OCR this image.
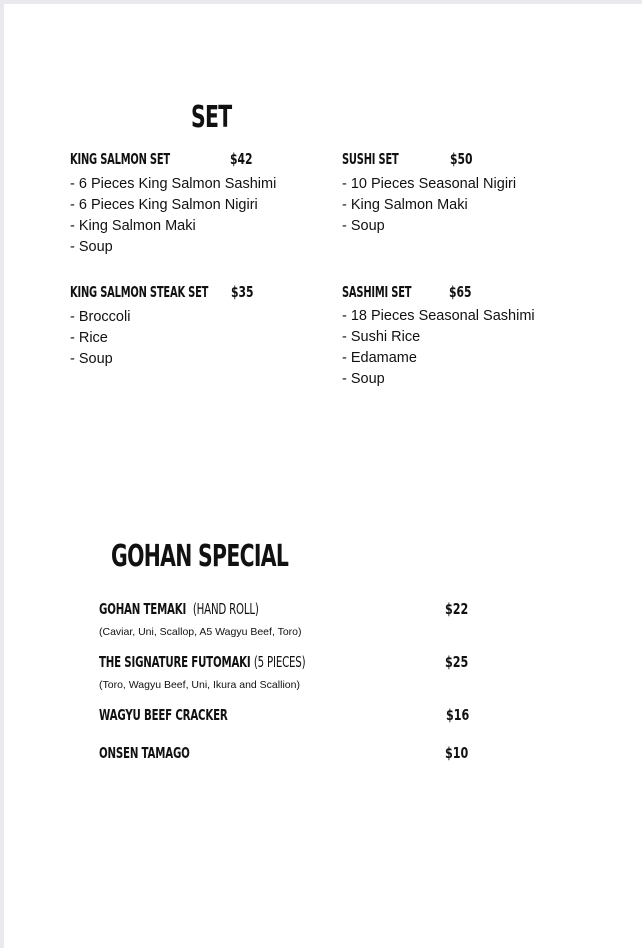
SET
KING SALMON SET	$42
- 6 Pieces King Salmon Sashimi
- 6 Pieces King Salmon Nigiri
- King Salmon Maki
- Soup
SUSHI SET	$50
- 10 Pieces Seasonal Nigiri
- King Salmon Maki
- Soup
KING SALMON STEAK SET $35
- Broccoli
- Rice
- Soup
SASHIMI SET	$65
- 18 Pieces Seasonal Sashimi
- Sushi Rice
- Edamame
- Soup
GOHAN SPECIAL
GOHAN TEMAKI (HAND ROLL)	$22
(Caviar, Uni, Scallop, A5 Wagyu Beef, Toro)
THE SIGNATURE FUTOMAKI (5 PIECES)	$25
(Toro, Wagyu Beef, Uni, Ikura and Scallion)
WAGYU BEEF CRACKER	$16
ONSEN TAMAGO	$10
